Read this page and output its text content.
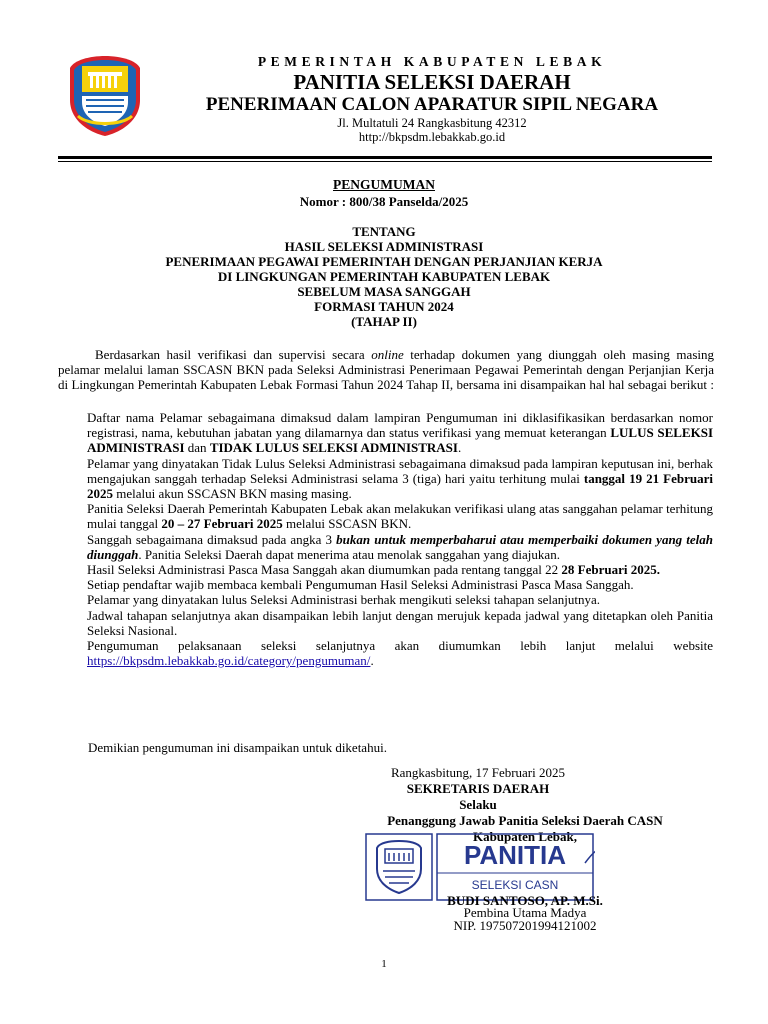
PEMERINTAH KABUPATEN LEBAK
PANITIA SELEKSI DAERAH
PENERIMAAN CALON APARATUR SIPIL NEGARA
Jl. Multatuli 24 Rangkasbitung 42312
http://bkpsdm.lebakkab.go.id
PENGUMUMAN
Nomor : 800/38 Panselda/2025
TENTANG
HASIL SELEKSI ADMINISTRASI
PENERIMAAN PEGAWAI PEMERINTAH DENGAN PERJANJIAN KERJA
DI LINGKUNGAN PEMERINTAH KABUPATEN LEBAK
SEBELUM MASA SANGGAH
FORMASI TAHUN 2024
(TAHAP II)
Berdasarkan hasil verifikasi dan supervisi secara online terhadap dokumen yang diunggah oleh masing masing pelamar melalui laman SSCASN BKN pada Seleksi Administrasi Penerimaan Pegawai Pemerintah dengan Perjanjian Kerja di Lingkungan Pemerintah Kabupaten Lebak Formasi Tahun 2024 Tahap II, bersama ini disampaikan hal hal sebagai berikut :
Daftar nama Pelamar sebagaimana dimaksud dalam lampiran Pengumuman ini diklasifikasikan berdasarkan nomor registrasi, nama, kebutuhan jabatan yang dilamarnya dan status verifikasi yang memuat keterangan LULUS SELEKSI ADMINISTRASI dan TIDAK LULUS SELEKSI ADMINISTRASI.
Pelamar yang dinyatakan Tidak Lulus Seleksi Administrasi sebagaimana dimaksud pada lampiran keputusan ini, berhak mengajukan sanggah terhadap Seleksi Administrasi selama 3 (tiga) hari yaitu terhitung mulai tanggal 19 21 Februari 2025 melalui akun SSCASN BKN masing masing.
Panitia Seleksi Daerah Pemerintah Kabupaten Lebak akan melakukan verifikasi ulang atas sanggahan pelamar terhitung mulai tanggal 20 – 27 Februari 2025 melalui SSCASN BKN.
Sanggah sebagaimana dimaksud pada angka 3 bukan untuk memperbaharui atau memperbaiki dokumen yang telah diunggah. Panitia Seleksi Daerah dapat menerima atau menolak sanggahan yang diajukan.
Hasil Seleksi Administrasi Pasca Masa Sanggah akan diumumkan pada rentang tanggal 22 28 Februari 2025.
Setiap pendaftar wajib membaca kembali Pengumuman Hasil Seleksi Administrasi Pasca Masa Sanggah.
Pelamar yang dinyatakan lulus Seleksi Administrasi berhak mengikuti seleksi tahapan selanjutnya.
Jadwal tahapan selanjutnya akan disampaikan lebih lanjut dengan merujuk kepada jadwal yang ditetapkan oleh Panitia Seleksi Nasional.
Pengumuman pelaksanaan seleksi selanjutnya akan diumumkan lebih lanjut melalui website https://bkpsdm.lebakkab.go.id/category/pengumuman/.
Demikian pengumuman ini disampaikan untuk diketahui.
Rangkasbitung, 17 Februari 2025
SEKRETARIS DAERAH
Selaku
Penanggung Jawab Panitia Seleksi Daerah CASN
Kabupaten Lebak,
PANITIA
SELEKSI CASN
BUDI SANTOSO, AP. M.Si.
Pembina Utama Madya
NIP. 197507201994121002
1
